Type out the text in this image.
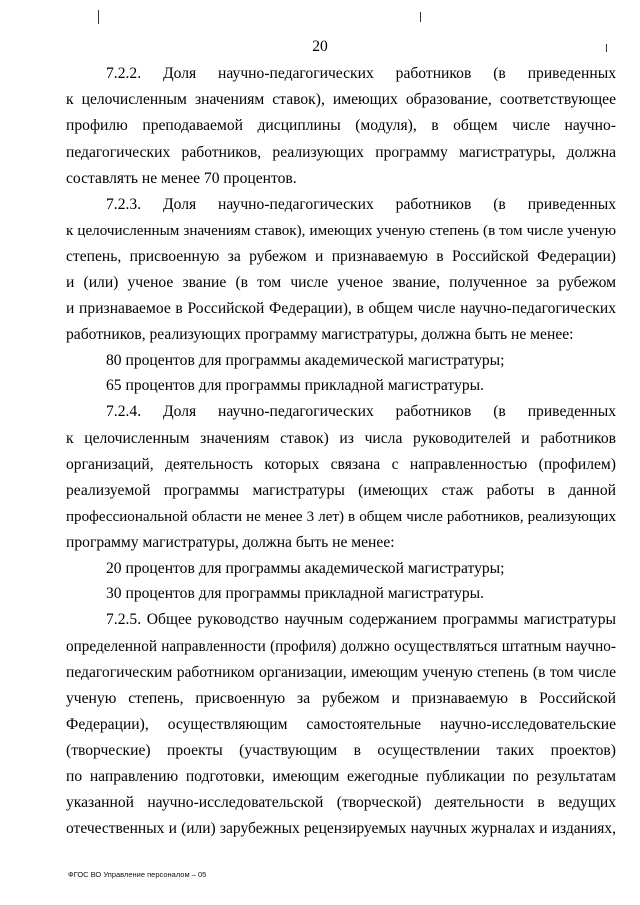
20
7.2.2. Доля научно-педагогических работников (в приведенных
к целочисленным значениям ставок), имеющих образование, соответствующее
профилю преподаваемой дисциплины (модуля), в общем числе научно-
педагогических работников, реализующих программу магистратуры, должна
составлять не менее 70 процентов.
7.2.3. Доля научно-педагогических работников (в приведенных
к целочисленным значениям ставок), имеющих ученую степень (в том числе ученую
степень, присвоенную за рубежом и признаваемую в Российской Федерации)
и (или) ученое звание (в том числе ученое звание, полученное за рубежом
и признаваемое в Российской Федерации), в общем числе научно-педагогических
работников, реализующих программу магистратуры, должна быть не менее:
80 процентов для программы академической магистратуры;
65 процентов для программы прикладной магистратуры.
7.2.4. Доля научно-педагогических работников (в приведенных
к целочисленным значениям ставок) из числа руководителей и работников
организаций, деятельность которых связана с направленностью (профилем)
реализуемой программы магистратуры (имеющих стаж работы в данной
профессиональной области не менее 3 лет) в общем числе работников, реализующих
программу магистратуры, должна быть не менее:
20 процентов для программы академической магистратуры;
30 процентов для программы прикладной магистратуры.
7.2.5. Общее руководство научным содержанием программы магистратуры
определенной направленности (профиля) должно осуществляться штатным научно-
педагогическим работником организации, имеющим ученую степень (в том числе
ученую степень, присвоенную за рубежом и признаваемую в Российской
Федерации), осуществляющим самостоятельные научно-исследовательские
(творческие) проекты (участвующим в осуществлении таких проектов)
по направлению подготовки, имеющим ежегодные публикации по результатам
указанной научно-исследовательской (творческой) деятельности в ведущих
отечественных и (или) зарубежных рецензируемых научных журналах и изданиях,
ФГОС ВО Управление персоналом – 05
